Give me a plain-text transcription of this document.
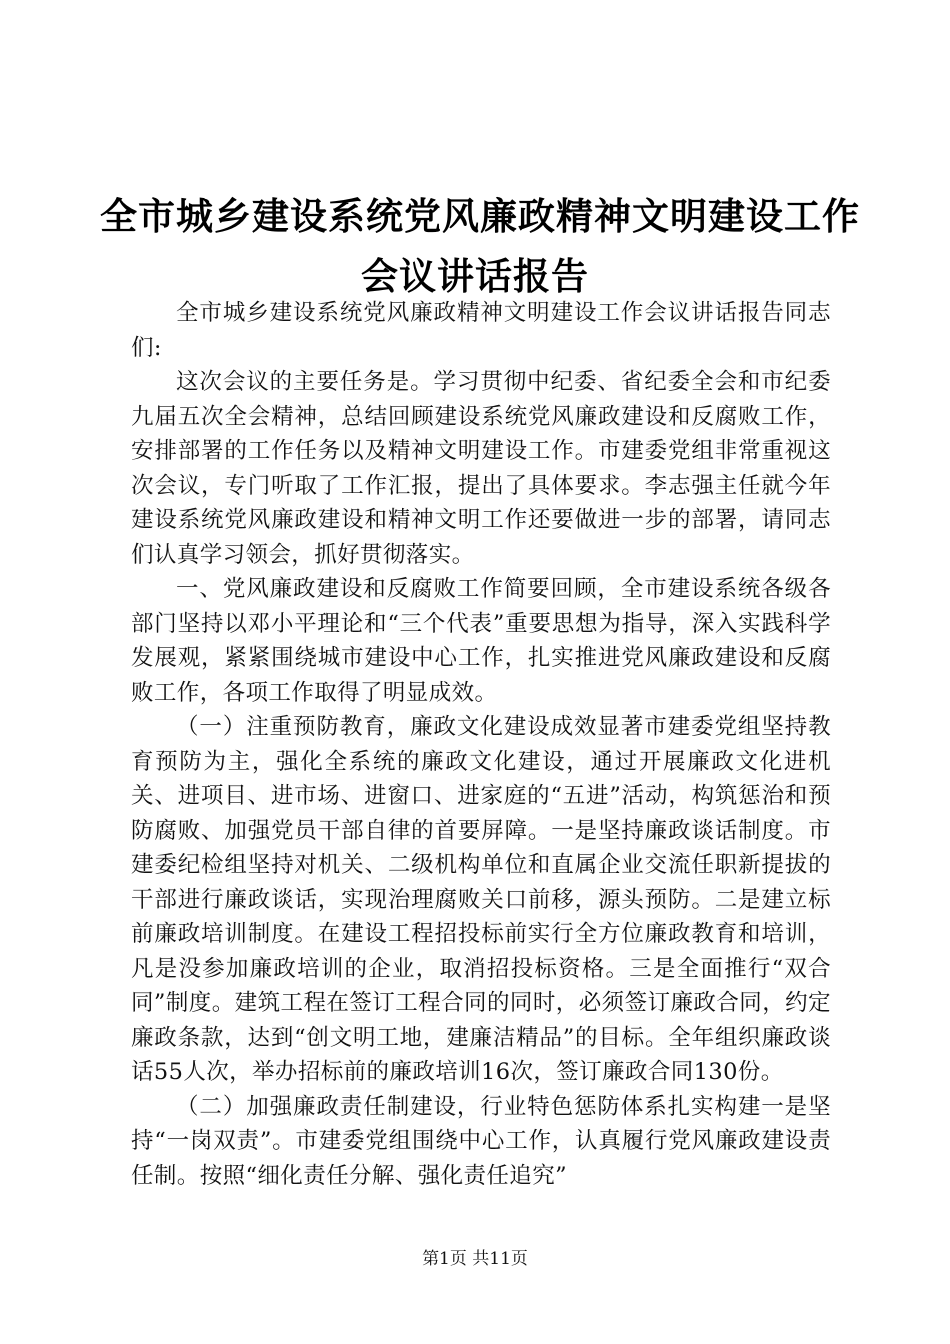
全市城乡建设系统党风廉政精神文明建设工作
会议讲话报告

全市城乡建设系统党风廉政精神文明建设工作会议讲话报告同志们:

这次会议的主要任务是。学习贯彻中纪委、省纪委全会和市纪委九届五次全会精神，总结回顾建设系统党风廉政建设和反腐败工作，安排部署的工作任务以及精神文明建设工作。市建委党组非常重视这次会议，专门听取了工作汇报，提出了具体要求。李志强主任就今年建设系统党风廉政建设和精神文明工作还要做进一步的部署，请同志们认真学习领会，抓好贯彻落实。

一、党风廉政建设和反腐败工作简要回顾，全市建设系统各级各部门坚持以邓小平理论和“三个代表”重要思想为指导，深入实践科学发展观，紧紧围绕城市建设中心工作，扎实推进党风廉政建设和反腐败工作，各项工作取得了明显成效。

（一）注重预防教育，廉政文化建设成效显著市建委党组坚持教育预防为主，强化全系统的廉政文化建设，通过开展廉政文化进机关、进项目、进市场、进窗口、进家庭的“五进”活动，构筑惩治和预防腐败、加强党员干部自律的首要屏障。一是坚持廉政谈话制度。市建委纪检组坚持对机关、二级机构单位和直属企业交流任职新提拔的干部进行廉政谈话，实现治理腐败关口前移，源头预防。二是建立标前廉政培训制度。在建设工程招投标前实行全方位廉政教育和培训，凡是没参加廉政培训的企业，取消招投标资格。三是全面推行“双合同”制度。建筑工程在签订工程合同的同时，必须签订廉政合同，约定廉政条款，达到“创文明工地，建廉洁精品”的目标。全年组织廉政谈话55人次，举办招标前的廉政培训16次，签订廉政合同130份。

（二）加强廉政责任制建设，行业特色惩防体系扎实构建一是坚持“一岗双责”。市建委党组围绕中心工作，认真履行党风廉政建设责任制。按照“细化责任分解、强化责任追究”

第1页 共11页
